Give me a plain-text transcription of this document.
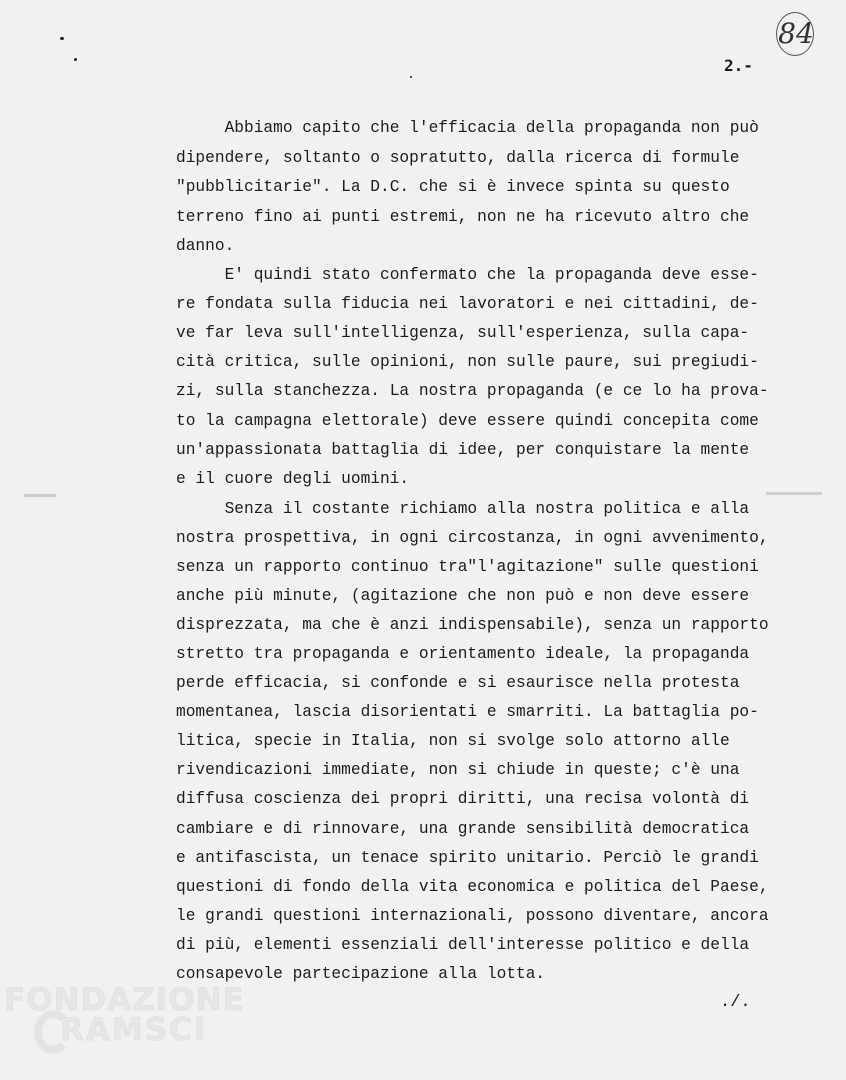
84
2.-

Abbiamo capito che l'efficacia della propaganda non può

dipendere, soltanto o sopratutto, dalla ricerca di formule

"pubblicitarie". La D.C. che si è invece spinta su questo

terreno fino ai punti estremi, non ne ha ricevuto altro che

danno.

E' quindi stato confermato che la propaganda deve esse-

re fondata sulla fiducia nei lavoratori e nei cittadini, de-

ve far leva sull'intelligenza, sull'esperienza, sulla capa-

cità critica, sulle opinioni, non sulle paure, sui pregiudi-

zi, sulla stanchezza. La nostra propaganda (e ce lo ha prova-

to la campagna elettorale) deve essere quindi concepita come

un'appassionata battaglia di idee, per conquistare la mente

e il cuore degli uomini.

Senza il costante richiamo alla nostra politica e alla

nostra prospettiva, in ogni circostanza, in ogni avvenimento,

senza un rapporto continuo tra"l'agitazione" sulle questioni

anche più minute, (agitazione che non può e non deve essere

disprezzata, ma che è anzi indispensabile), senza un rapporto

stretto tra propaganda e orientamento ideale, la propaganda

perde efficacia, si confonde e si esaurisce nella protesta

momentanea, lascia disorientati e smarriti. La battaglia po-

litica, specie in Italia, non si svolge solo attorno alle

rivendicazioni immediate, non si chiude in queste; c'è una

diffusa coscienza dei propri diritti, una recisa volontà di

cambiare e di rinnovare, una grande sensibilità democratica

e antifascista, un tenace spirito unitario. Perciò le grandi

questioni di fondo della vita economica e politica del Paese,

le grandi questioni internazionali, possono diventare, ancora

di più, elementi essenziali dell'interesse politico e della

consapevole partecipazione alla lotta.

./.
FONDAZIONE
RAMSCI
